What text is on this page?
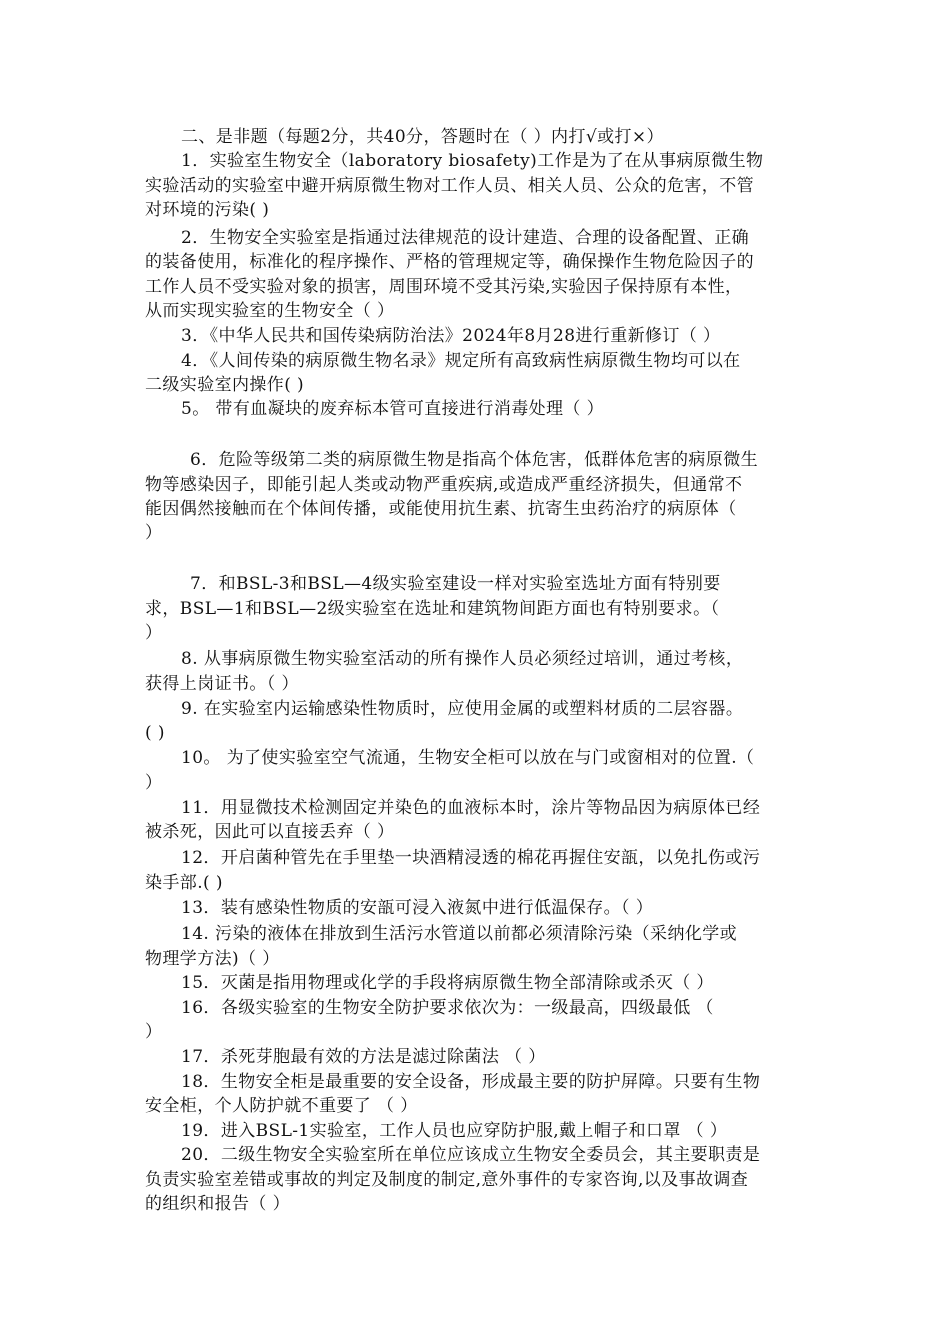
二、是非题（每题2分，共40分，答题时在（ ）内打√或打×）
1．实验室生物安全（laboratory biosafety)工作是为了在从事病原微生物
实验活动的实验室中避开病原微生物对工作人员、相关人员、公众的危害，不管
对环境的污染( )
2．生物安全实验室是指通过法律规范的设计建造、合理的设备配置、正确
的装备使用，标准化的程序操作、严格的管理规定等，确保操作生物危险因子的
工作人员不受实验对象的损害，周围环境不受其污染,实验因子保持原有本性，
从而实现实验室的生物安全（ ）
3．《中华人民共和国传染病防治法》2024年8月28进行重新修订（ ）
4．《人间传染的病原微生物名录》规定所有高致病性病原微生物均可以在
二级实验室内操作( )
5。 带有血凝块的废弃标本管可直接进行消毒处理（ ）
6．危险等级第二类的病原微生物是指高个体危害，低群体危害的病原微生
物等感染因子，即能引起人类或动物严重疾病,或造成严重经济损失，但通常不
能因偶然接触而在个体间传播，或能使用抗生素、抗寄生虫药治疗的病原体（
）
7．和BSL-3和BSL—4级实验室建设一样对实验室选址方面有特别要
求，BSL—1和BSL—2级实验室在选址和建筑物间距方面也有特别要求。（
）
8. 从事病原微生物实验室活动的所有操作人员必须经过培训，通过考核，
获得上岗证书。（ ）
9. 在实验室内运输感染性物质时，应使用金属的或塑料材质的二层容器。
( )
10。 为了使实验室空气流通，生物安全柜可以放在与门或窗相对的位置.（
）
11．用显微技术检测固定并染色的血液标本时，涂片等物品因为病原体已经
被杀死，因此可以直接丢弃（ ）
12．开启菌种管先在手里垫一块酒精浸透的棉花再握住安瓿，以免扎伤或污
染手部.( )
13．装有感染性物质的安瓿可浸入液氮中进行低温保存。（ ）
14. 污染的液体在排放到生活污水管道以前都必须清除污染（采纳化学或
物理学方法)（ ）
15．灭菌是指用物理或化学的手段将病原微生物全部清除或杀灭（ ）
16．各级实验室的生物安全防护要求依次为：一级最高，四级最低 （
）
17．杀死芽胞最有效的方法是滤过除菌法 （ ）
18．生物安全柜是最重要的安全设备，形成最主要的防护屏障。只要有生物
安全柜，个人防护就不重要了 （ ）
19．进入BSL-1实验室，工作人员也应穿防护服,戴上帽子和口罩 （ ）
20．二级生物安全实验室所在单位应该成立生物安全委员会，其主要职责是
负责实验室差错或事故的判定及制度的制定,意外事件的专家咨询,以及事故调查
的组织和报告（ ）
